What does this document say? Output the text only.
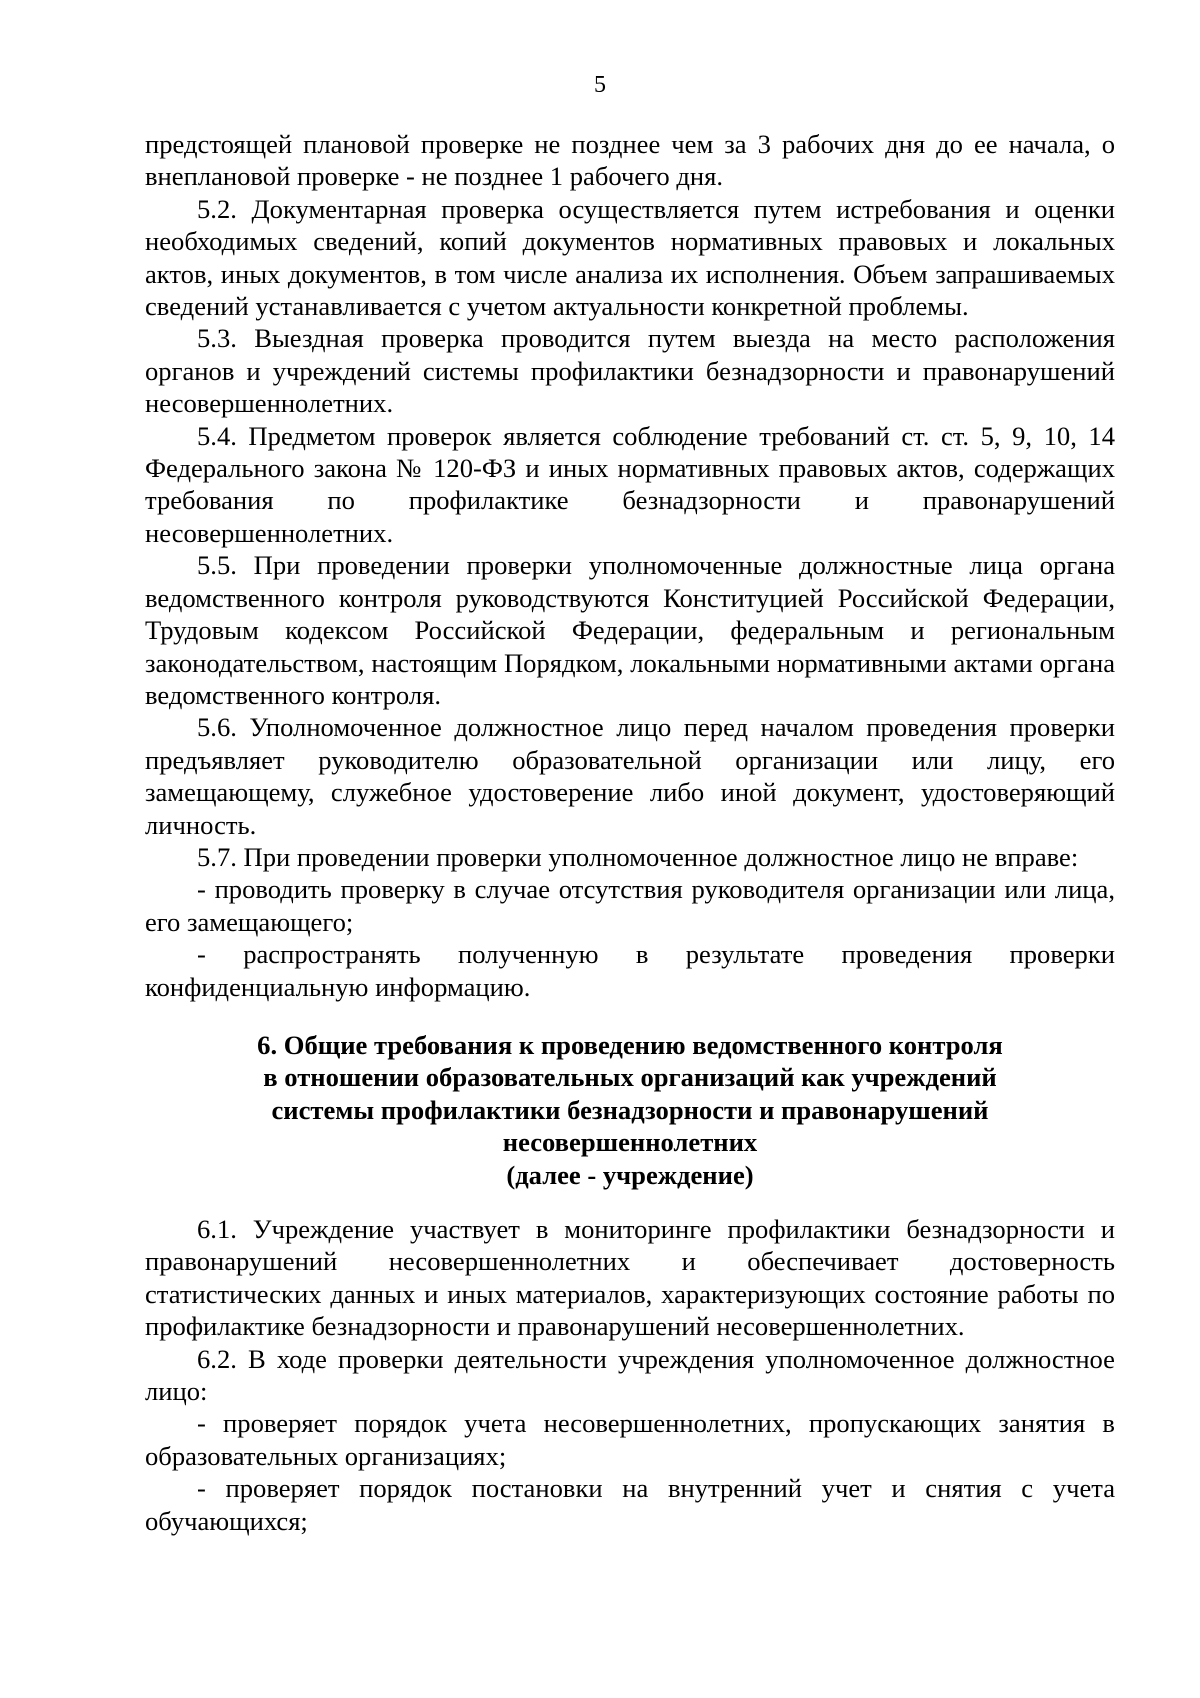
5

предстоящей плановой проверке не позднее чем за 3 рабочих дня до ее начала, о внеплановой проверке - не позднее 1 рабочего дня.

5.2. Документарная проверка осуществляется путем истребования и оценки необходимых сведений, копий документов нормативных правовых и локальных актов, иных документов, в том числе анализа их исполнения. Объем запрашиваемых сведений устанавливается с учетом актуальности конкретной проблемы.

5.3. Выездная проверка проводится путем выезда на место расположения органов и учреждений системы профилактики безнадзорности и правонарушений несовершеннолетних.

5.4. Предметом проверок является соблюдение требований ст. ст. 5, 9, 10, 14 Федерального закона № 120-ФЗ и иных нормативных правовых актов, содержащих требования по профилактике безнадзорности и правонарушений несовершеннолетних.

5.5. При проведении проверки уполномоченные должностные лица органа ведомственного контроля руководствуются Конституцией Российской Федерации, Трудовым кодексом Российской Федерации, федеральным и региональным законодательством, настоящим Порядком, локальными нормативными актами органа ведомственного контроля.

5.6. Уполномоченное должностное лицо перед началом проведения проверки предъявляет руководителю образовательной организации или лицу, его замещающему, служебное удостоверение либо иной документ, удостоверяющий личность.

5.7. При проведении проверки уполномоченное должностное лицо не вправе:

- проводить проверку в случае отсутствия руководителя организации или лица, его замещающего;

- распространять полученную в результате проведения проверки конфиденциальную информацию.

6. Общие требования к проведению ведомственного контроля
в отношении образовательных организаций как учреждений
системы профилактики безнадзорности и правонарушений
несовершеннолетних
(далее - учреждение)

6.1. Учреждение участвует в мониторинге профилактики безнадзорности и правонарушений несовершеннолетних и обеспечивает достоверность статистических данных и иных материалов, характеризующих состояние работы по профилактике безнадзорности и правонарушений несовершеннолетних.

6.2. В ходе проверки деятельности учреждения уполномоченное должностное лицо:

- проверяет порядок учета несовершеннолетних, пропускающих занятия в образовательных организациях;

- проверяет порядок постановки на внутренний учет и снятия с учета обучающихся;
